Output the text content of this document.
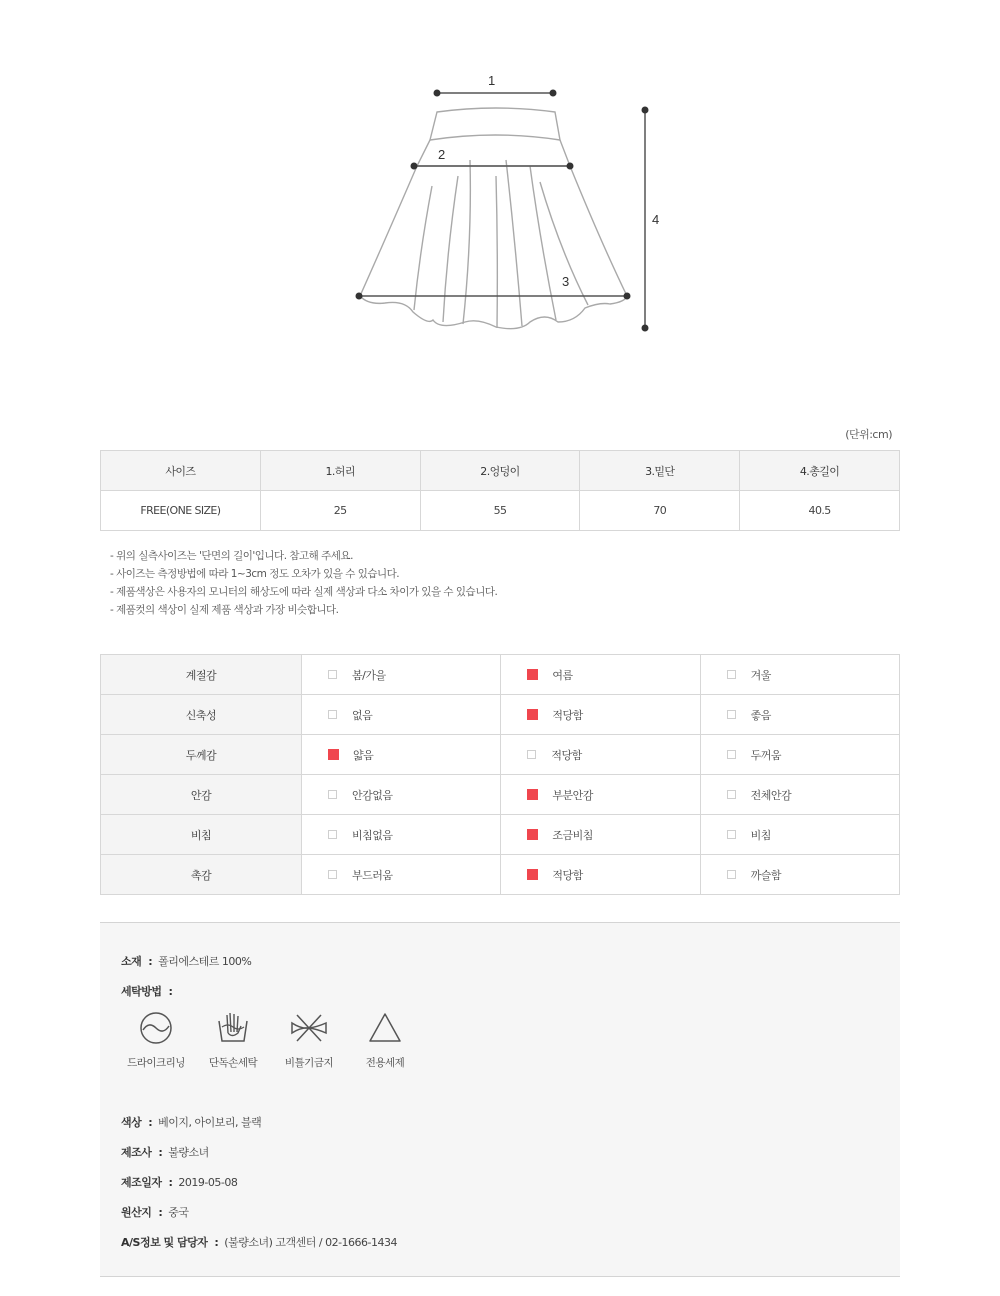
1
2
3
4
(단위:cm)
사이즈	1.허리	2.엉덩이	3.밑단	4.총길이
FREE(ONE SIZE)	25	55	70	40.5
- 위의 실측사이즈는 '단면의 길이'입니다. 참고해 주세요.
- 사이즈는 측정방법에 따라 1~3cm 정도 오차가 있을 수 있습니다.
- 제품색상은 사용자의 모니터의 해상도에 따라 실제 색상과 다소 차이가 있을 수 있습니다.
- 제품컷의 색상이 실제 제품 색상과 가장 비슷합니다.
계절감	봄/가을	여름	겨울

신축성	없음	적당함	좋음

두께감	얇음	적당함	두꺼움

안감	안감없음	부분안감	전체안감

비침	비침없음	조금비침	비침

촉감	부드러움	적당함	까슬함
소재 : 폴리에스테르 100%
세탁방법 :
드라이크리닝	단독손세탁	비틀기금지	전용세제
색상 : 베이지, 아이보리, 블랙
제조사 : 불량소녀
제조일자 : 2019-05-08
원산지 : 중국
A/S정보 및 담당자 : (불량소녀) 고객센터 / 02-1666-1434
